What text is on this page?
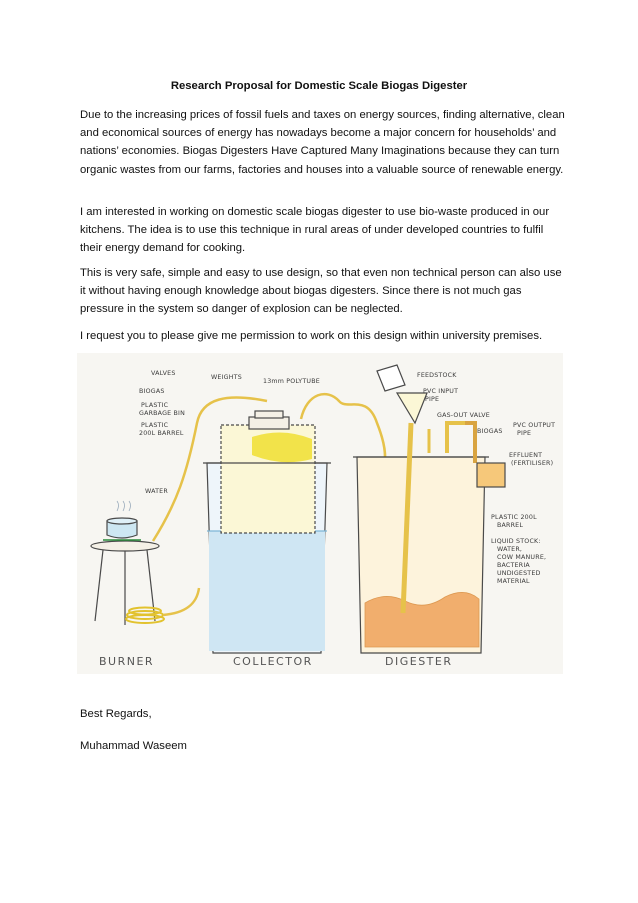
Research Proposal for Domestic Scale Biogas Digester

Due to the increasing prices of fossil fuels and taxes on energy sources, finding alternative, clean and economical sources of energy has nowadays become a major concern for households’ and nations’ economies. Biogas Digesters Have Captured Many Imaginations because they can turn organic wastes from our farms, factories and houses into a valuable source of renewable energy.

I am interested in working on domestic scale biogas digester to use bio-waste produced in our kitchens. The idea is to use this technique in rural areas of under developed countries to fulfil their energy demand for cooking.

This is very safe, simple and easy to use design, so that even non technical person can also use it without having enough knowledge about biogas digesters. Since there is not much gas pressure in the system so danger of explosion can be neglected.

I request you to please give me permission to work on this design within university premises.

VALVES
WEIGHTS
13mm POLYTUBE
BIOGAS
PLASTIC
GARBAGE BIN
PLASTIC
200L BARREL
WATER
FEEDSTOCK
PVC INPUT
PIPE
GAS-OUT VALVE
BIOGAS
PVC OUTPUT
PIPE
EFFLUENT
(FERTILISER)
PLASTIC 200L
BARREL
LIQUID STOCK:
WATER,
COW MANURE,
BACTERIA
UNDIGESTED
MATERIAL
BURNER	COLLECTOR	DIGESTER
Best Regards,
Muhammad Waseem
